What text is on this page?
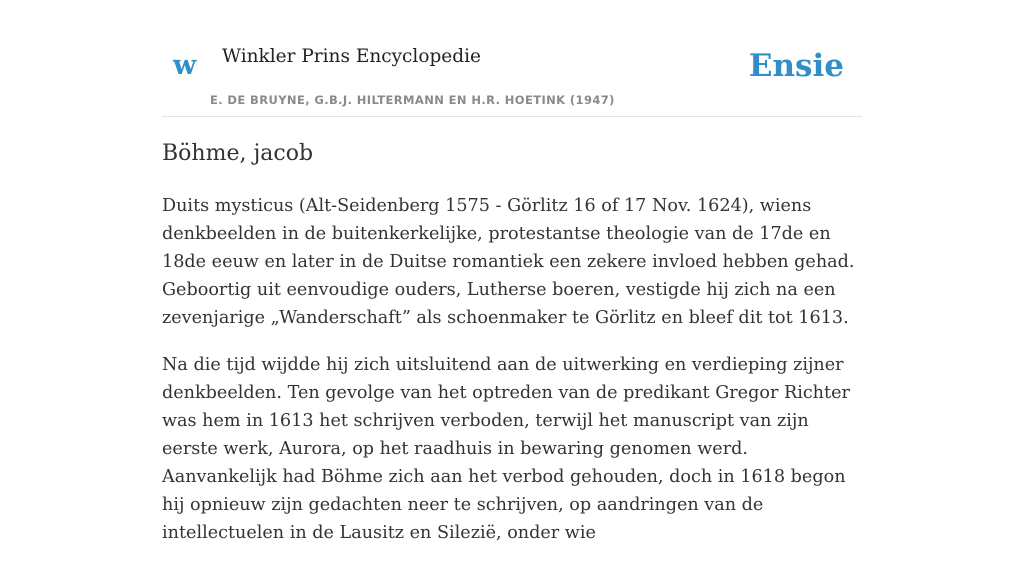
w Winkler Prins Encyclopedie
E. DE BRUYNE, G.B.J. HILTERMANN EN H.R. HOETINK (1947)
Ensie
Böhme, jacob

Duits mysticus (Alt-Seidenberg 1575 - Görlitz 16 of 17 Nov. 1624), wiens denkbeelden in de buitenkerkelijke, protestantse theologie van de 17de en 18de eeuw en later in de Duitse romantiek een zekere invloed hebben gehad. Geboortig uit eenvoudige ouders, Lutherse boeren, vestigde hij zich na een zevenjarige „Wanderschaft” als schoenmaker te Görlitz en bleef dit tot 1613.

Na die tijd wijdde hij zich uitsluitend aan de uitwerking en verdieping zijner denkbeelden. Ten gevolge van het optreden van de predikant Gregor Richter was hem in 1613 het schrijven verboden, terwijl het manuscript van zijn eerste werk, Aurora, op het raadhuis in bewaring genomen werd. Aanvankelijk had Böhme zich aan het verbod gehouden, doch in 1618 begon hij opnieuw zijn gedachten neer te schrijven, op aandringen van de intellectuelen in de Lausitz en Silezië, onder wie
